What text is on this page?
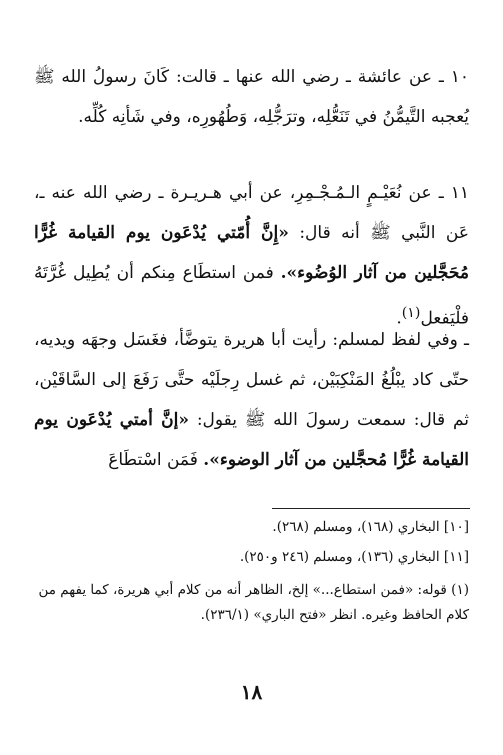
١٠ ـ عن عائشة ـ رضي الله عنها ـ قالت: كَانَ رسولُ الله ﷺ يُعجبه التَّيمُّنُ في تَنَعُّلِه، وترَجُّلِه، وَطُهُورِه، وفي شَأنِه كُلِّه.

١١ ـ عن نُعَيْـمٍ الـمُـجْـمِرِ، عن أبي هـريـرة ـ رضي الله عنه ـ، عَن النَّبي ﷺ أنه قال: «إِنَّ أُمّتي يُدْعَون يوم القيامة غُرًّا مُحَجَّلين من آثار الوُضُوء». فمن استطَاع مِنكم أن يُطِيل غُرَّتَهُ فلْيَفعل$^{(١)}$.

ـ وفي لفظ لمسلم: رأيت أبا هريرة يتوضَّأ، فغَسَل وجهَه ويديه، حتّى كاد يبْلُغُ المَنْكِبَيْن، ثم غسل رِجلَيْه حتَّى رَفَعَ إلى السَّاقَيْن، ثم قال: سمعت رسولَ الله ﷺ يقول: «إنَّ أمتي يُدْعَون يوم القيامة غُرًّا مُحجَّلين من آثار الوضوء». فَمَن اسْتطَاعَ

[١٠] البخاري (١٦٨)، ومسلم (٢٦٨).

[١١] البخاري (١٣٦)، ومسلم (٢٤٦ و٢٥٠).

(١) قوله: «فمن استطاع...» إلخ، الظاهر أنه من كلام أبي هريرة، كما يفهم من كلام الحافظ وغيره. انظر «فتح الباري» (٢٣٦/١).

١٨
